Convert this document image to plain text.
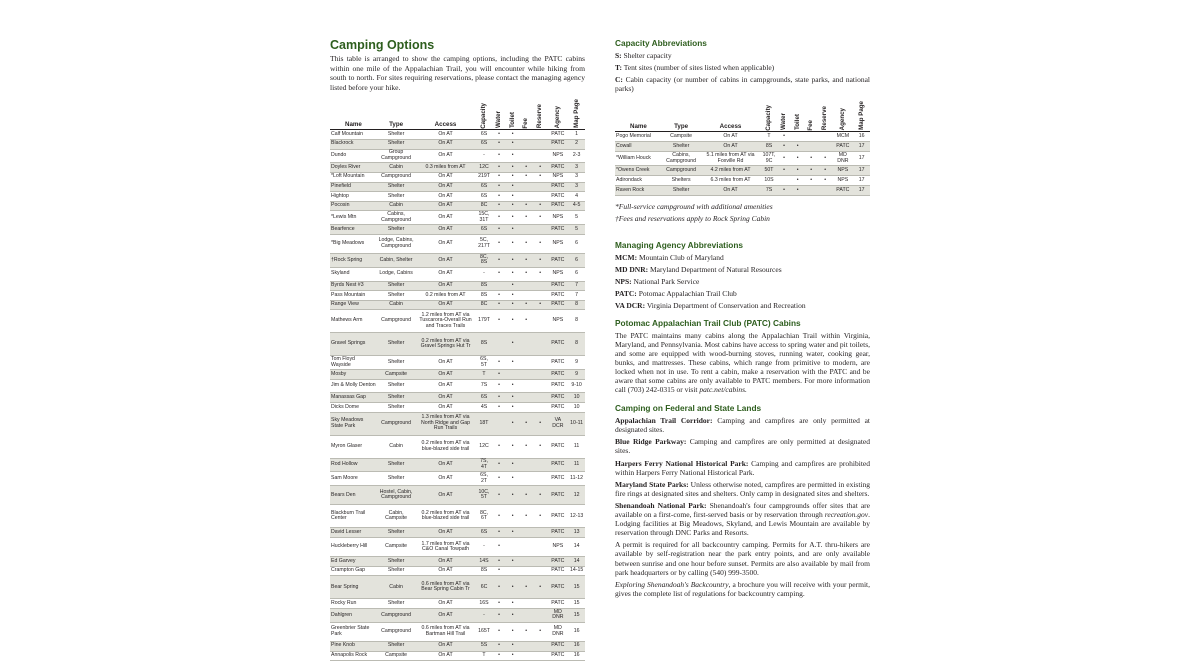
Camping Options

This table is arranged to show the camping options, including the PATC cabins within one mile of the Appalachian Trail, you will encounter while hiking from south to north. For sites requiring reservations, please contact the managing agency listed before your hike.

Name	Type	Access	Capacity	Water	Toilet	Fee	Reserve	Agency	Map Page

Calf Mountain	Shelter	On AT	6S	•	•			PATC	1
Blackrock	Shelter	On AT	6S	•	•			PATC	2
Dundo	Group Campground	On AT	-	•	•			NPS	2-3
Doyles River	Cabin	0.3 miles from AT	12C	•	•	•	•	PATC	3
*Loft Mountain	Campground	On AT	219T	•	•	•	•	NPS	3
Pinefield	Shelter	On AT	6S	•	•			PATC	3
Hightop	Shelter	On AT	6S	•	•			PATC	4
Pocosin	Cabin	On AT	8C	•	•	•	•	PATC	4-5
*Lewis Mtn	Cabins, Campground	On AT	15C, 31T	•	•	•	•	NPS	5
Bearfence	Shelter	On AT	6S	•	•			PATC	5
*Big Meadows	Lodge, Cabins, Campground	On AT	5C, 217T	•	•	•	•	NPS	6
†Rock Spring	Cabin, Shelter	On AT	8C, 8S	•	•	•	•	PATC	6
Skyland	Lodge, Cabins	On AT	-	•	•	•	•	NPS	6
Byrds Nest #3	Shelter	On AT	8S		•			PATC	7
Pass Mountain	Shelter	0.2 miles from AT	8S	•	•			PATC	7
Range View	Cabin	On AT	8C	•	•	•	•	PATC	8
Mathews Arm	Campground	1.2 miles from AT via Tuscarora-Overall Run and Traces Trails	179T	•	•	•		NPS	8
Gravel Springs	Shelter	0.2 miles from AT via Gravel Springs Hut Tr	8S		•			PATC	8
Tom Floyd Wayside	Shelter	On AT	6S, 5T	•	•			PATC	9
Mosby	Campsite	On AT	T	•				PATC	9
Jim & Molly Denton	Shelter	On AT	7S	•	•			PATC	9-10
Manassas Gap	Shelter	On AT	6S	•	•			PATC	10
Dicks Dome	Shelter	On AT	4S	•	•			PATC	10
Sky Meadows State Park	Campground	1.3 miles from AT via North Ridge and Gap Run Trails	18T		•	•	•	VA DCR	10-11
Myron Glaser	Cabin	0.2 miles from AT via blue-blazed side trail	12C	•	•	•	•	PATC	11
Rod Hollow	Shelter	On AT	7S, 4T	•	•			PATC	11
Sam Moore	Shelter	On AT	6S, 2T	•	•			PATC	11-12
Bears Den	Hostel, Cabin, Campground	On AT	10C, 5T	•	•	•	•	PATC	12
Blackburn Trail Center	Cabin, Campsite	0.2 miles from AT via blue-blazed side trail	8C, 6T	•	•	•	•	PATC	12-13
David Lesser	Shelter	On AT	6S	•	•			PATC	13
Huckleberry Hill	Campsite	1.7 miles from AT via C&O Canal Towpath	-	•				NPS	14
Ed Garvey	Shelter	On AT	14S	•	•			PATC	14
Crampton Gap	Shelter	On AT	8S	•				PATC	14-15
Bear Spring	Cabin	0.6 miles from AT via Bear Spring Cabin Tr	6C	•	•	•	•	PATC	15
Rocky Run	Shelter	On AT	16S	•	•			PATC	15
Dahlgren	Campground	On AT	-	•	•			MD DNR	15
Greenbrier State Park	Campground	0.6 miles from AT via Bartman Hill Trail	165T	•	•	•	•	MD DNR	16
Pine Knob	Shelter	On AT	5S	•	•			PATC	16
Annapolis Rock	Campsite	On AT	T	•	•			PATC	16
Capacity Abbreviations

S: Shelter capacity

T: Tent sites (number of sites listed when applicable)

C: Cabin capacity (or number of cabins in campgrounds, state parks, and national parks)

Name	Type	Access	Capacity	Water	Toilet	Fee	Reserve	Agency	Map Page

Pogo Memorial	Campsite	On AT	T	•				MCM	16
Cowall	Shelter	On AT	8S	•	•			PATC	17
*William Houck	Cabins, Campground	5.1 miles from AT via Foxville Rd	107T, 9C	•	•	•	•	MD DNR	17
*Owens Creek	Campground	4.2 miles from AT	50T	•	•	•	•	NPS	17
Adirondack	Shelters	6.3 miles from AT	10S		•	•	•	NPS	17
Raven Rock	Shelter	On AT	7S	•	•			PATC	17

*Full-service campground with additional amenities

†Fees and reservations apply to Rock Spring Cabin

Managing Agency Abbreviations

MCM: Mountain Club of Maryland

MD DNR: Maryland Department of Natural Resources

NPS: National Park Service

PATC: Potomac Appalachian Trail Club

VA DCR: Virginia Department of Conservation and Recreation

Potomac Appalachian Trail Club (PATC) Cabins

The PATC maintains many cabins along the Appalachian Trail within Virginia, Maryland, and Pennsylvania. Most cabins have access to spring water and pit toilets, and some are equipped with wood-burning stoves, running water, cooking gear, bunks, and mattresses. These cabins, which range from primitive to modern, are locked when not in use. To rent a cabin, make a reservation with the PATC and be aware that some cabins are only available to PATC members. For more information call (703) 242-0315 or visit patc.net/cabins.

Camping on Federal and State Lands

Appalachian Trail Corridor: Camping and campfires are only permitted at designated sites.

Blue Ridge Parkway: Camping and campfires are only permitted at designated sites.

Harpers Ferry National Historical Park: Camping and campfires are prohibited within Harpers Ferry National Historical Park.

Maryland State Parks: Unless otherwise noted, campfires are permitted in existing fire rings at designated sites and shelters. Only camp in designated sites and shelters.

Shenandoah National Park: Shenandoah's four campgrounds offer sites that are available on a first-come, first-served basis or by reservation through recreation.gov. Lodging facilities at Big Meadows, Skyland, and Lewis Mountain are available by reservation through DNC Parks and Resorts.

A permit is required for all backcountry camping. Permits for A.T. thru-hikers are available by self-registration near the park entry points, and are only available between sunrise and one hour before sunset. Permits are also available by mail from park headquarters or by calling (540) 999-3500.

Exploring Shenandoah's Backcountry, a brochure you will receive with your permit, gives the complete list of regulations for backcountry camping.
